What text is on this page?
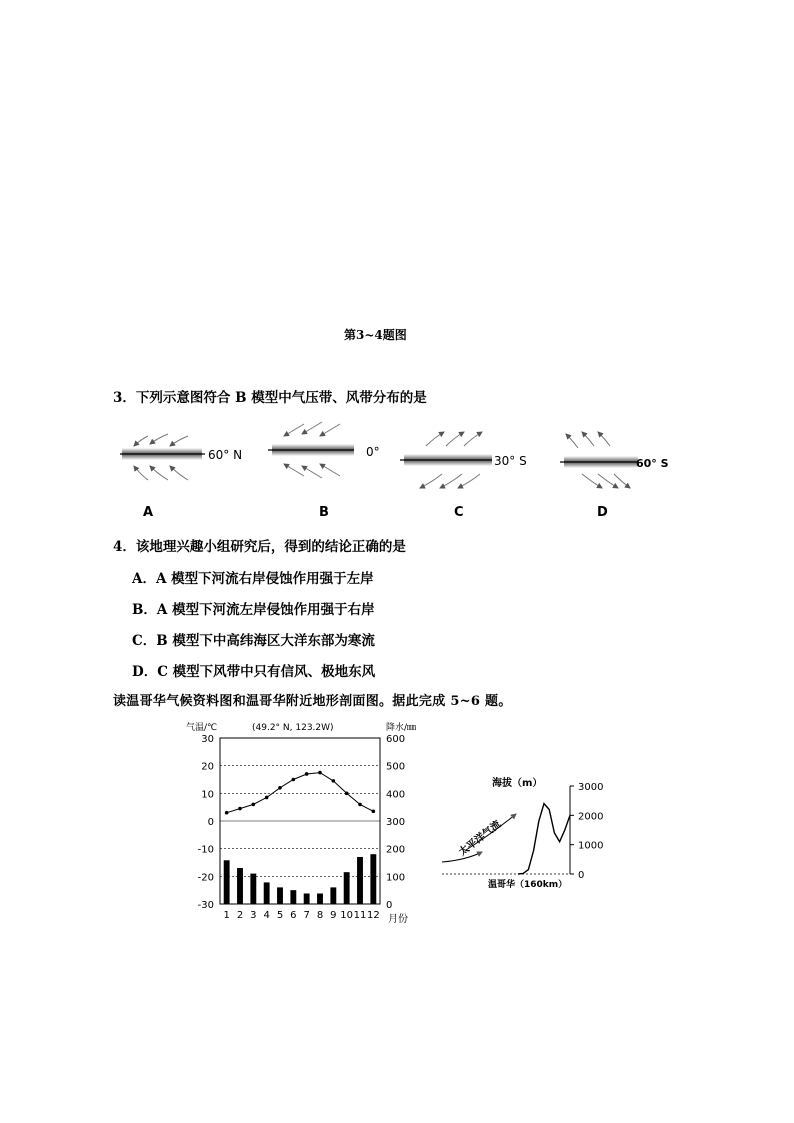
第3~4题图
3．下列示意图符合 B 模型中气压带、风带分布的是
60° N
A
0°
B
30° S
C
60° S
D
4．该地理兴趣小组研究后，得到的结论正确的是
A．A 模型下河流右岸侵蚀作用强于左岸
B．A 模型下河流左岸侵蚀作用强于右岸
C．B 模型下中高纬海区大洋东部为寒流
D．C 模型下风带中只有信风、极地东风
读温哥华气候资料图和温哥华附近地形剖面图。据此完成 5~6 题。
气温/℃	(49.2° N, 123.2W)	降水/㎜
30	600
20	500
10	400
0	300
-10	200
-20	100
-30	0
1 2 3 4 5 6 7 8 9 10 11 12 月份
海拔（m）	3000
2000
1000
0
太平洋气流
温哥华（160km）
